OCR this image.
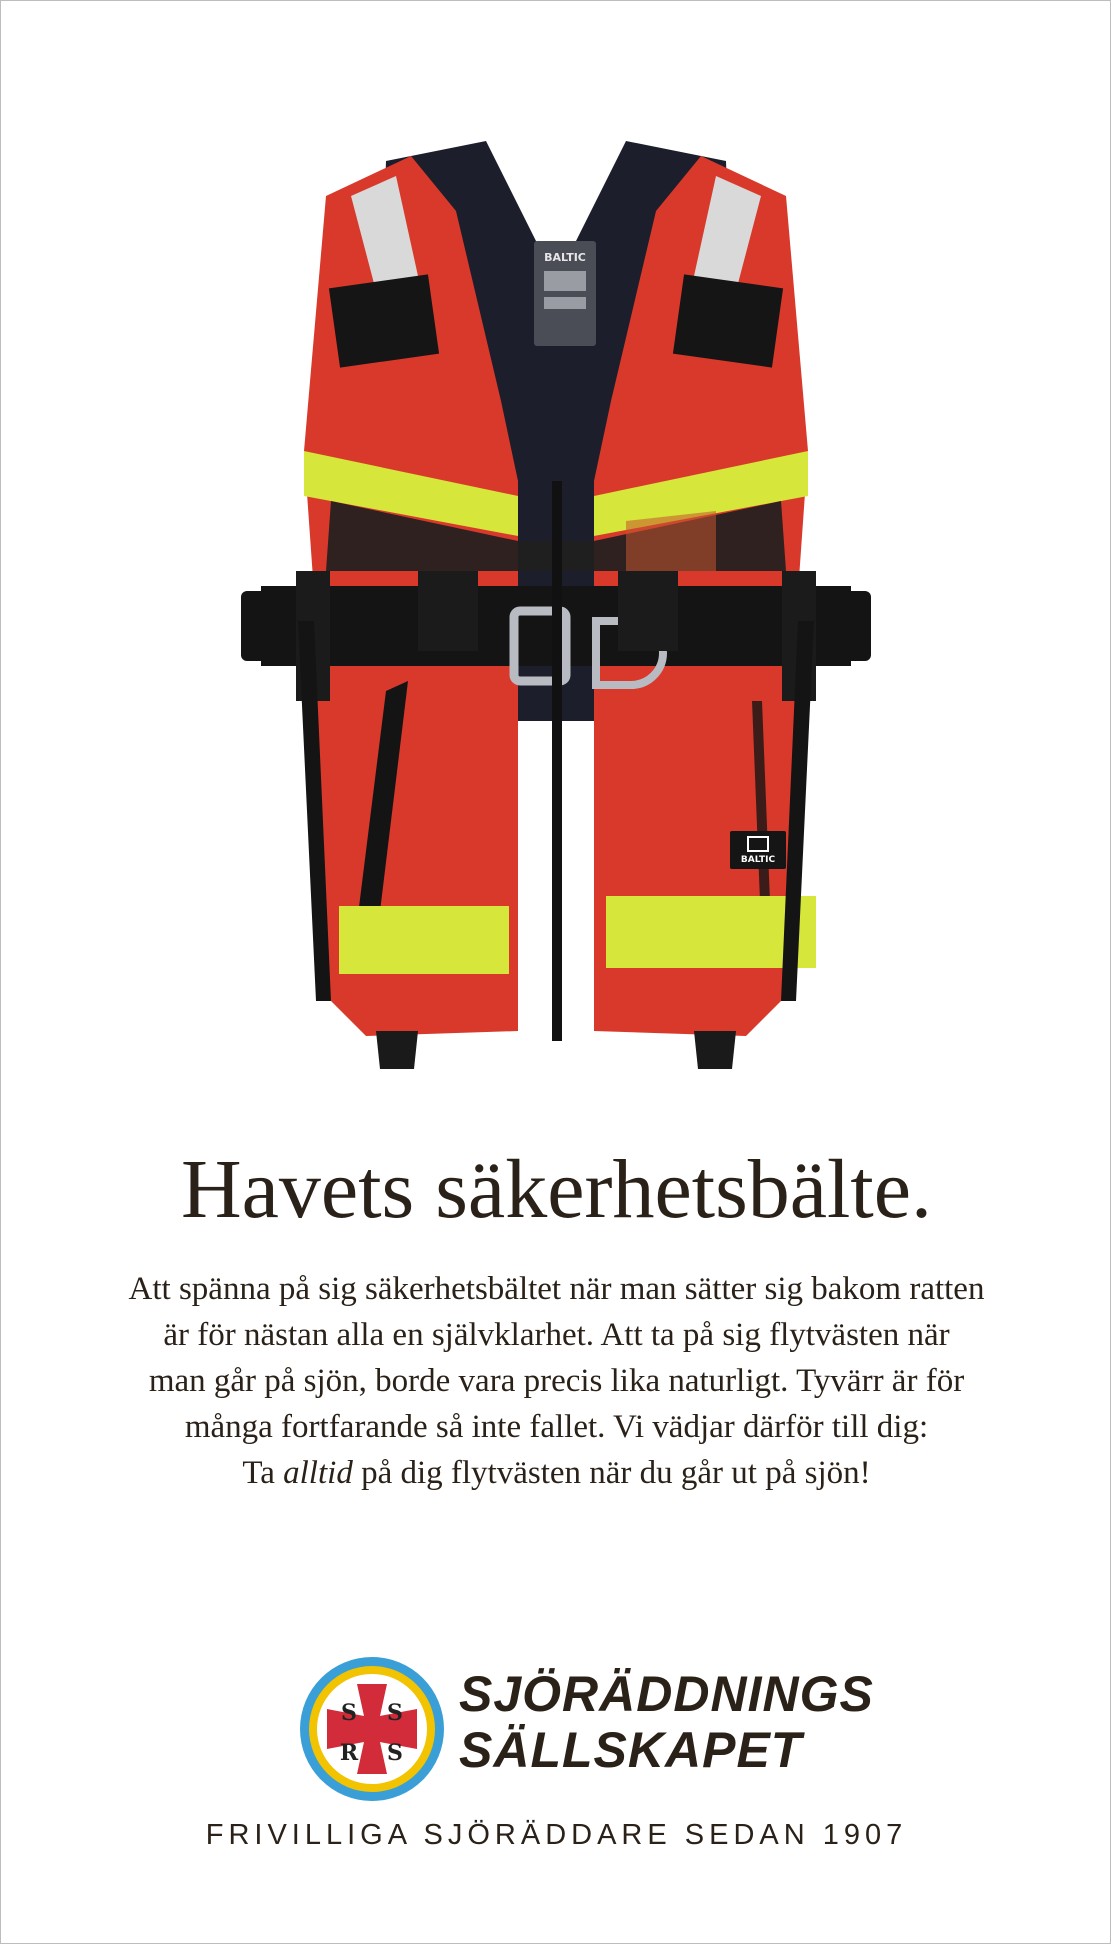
BALTIC
BALTIC
Havets säkerhetsbälte.

Att spänna på sig säkerhetsbältet när man sätter sig bakom ratten

är för nästan alla en självklarhet. Att ta på sig flytvästen när

man går på sjön, borde vara precis lika naturligt. Tyvärr är för

många fortfarande så inte fallet. Vi vädjar därför till dig:

Ta alltid på dig flytvästen när du går ut på sjön!

S S
R S
SJÖRÄDDNINGS
SÄLLSKAPET
FRIVILLIGA SJÖRÄDDARE SEDAN 1907
